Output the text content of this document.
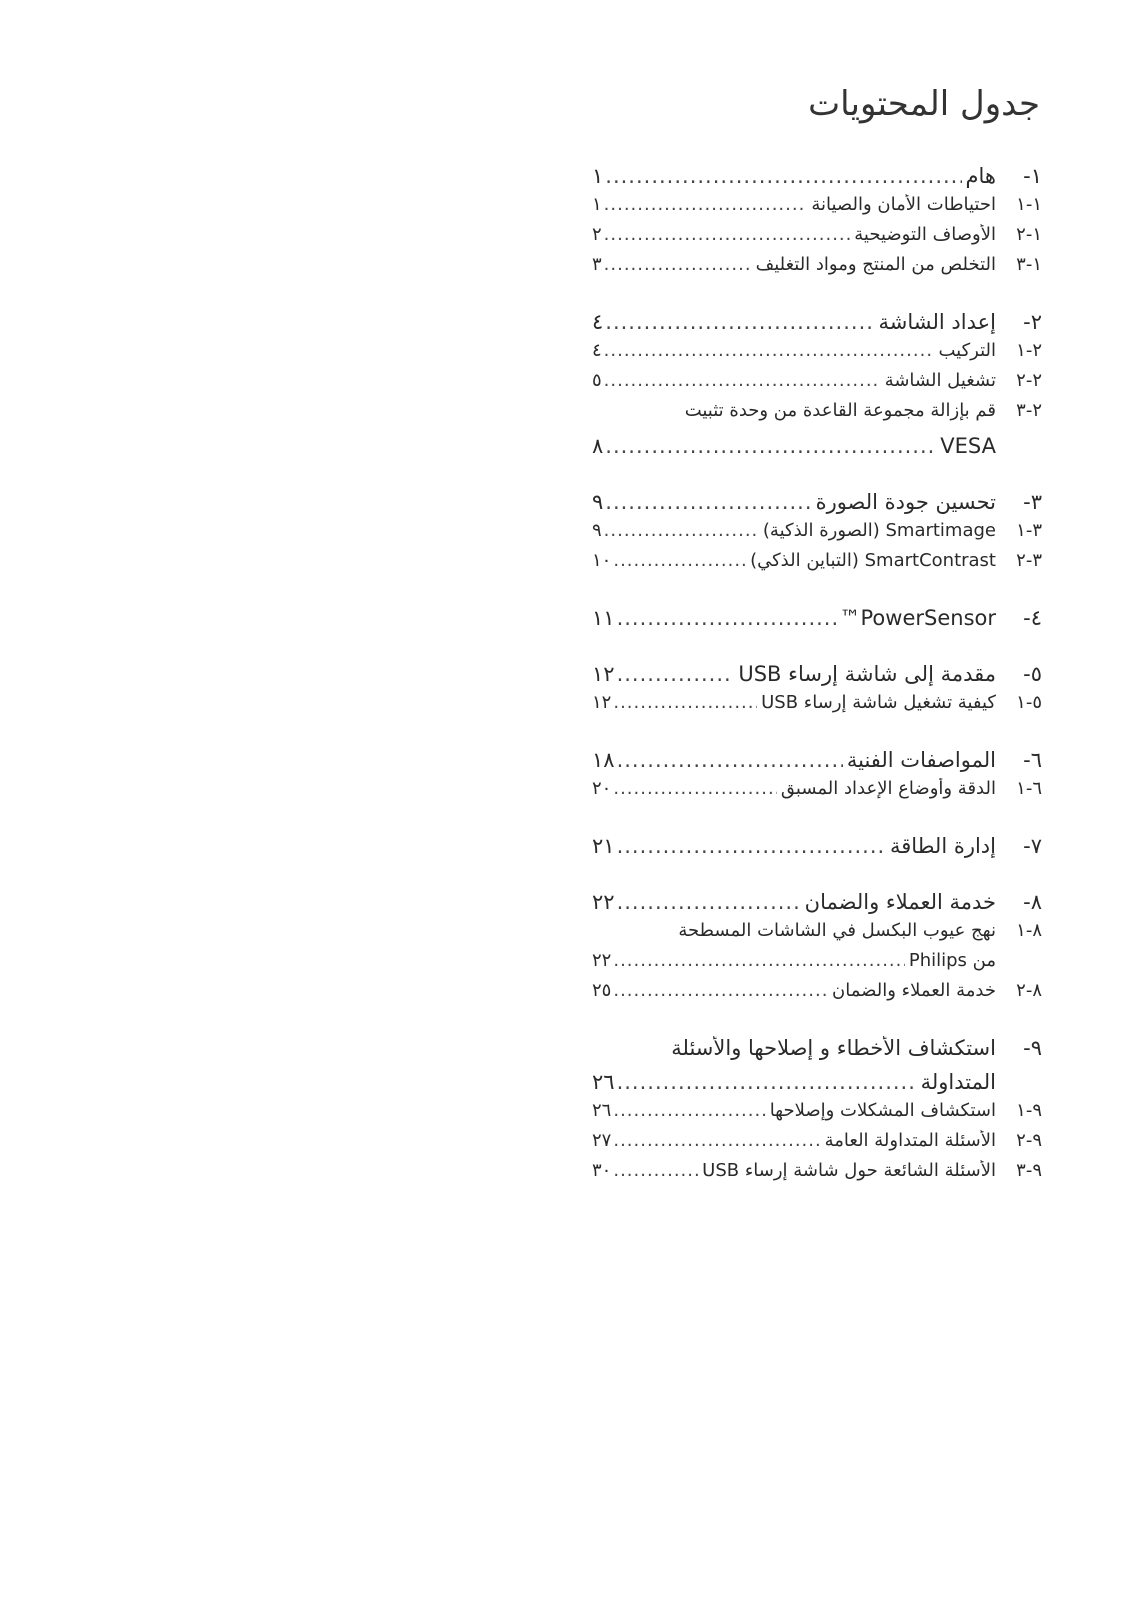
جدول المحتويات
١-
هام
.....
١
١-١
احتياطات الأمان والصيانة
.....
١
١-٢
الأوصاف التوضيحية
.....
٢
١-٣
التخلص من المنتج ومواد التغليف
.....
٣
٢-
إعداد الشاشة
.....
٤
٢-١
التركيب
.....
٤
٢-٢
تشغيل الشاشة
.....
٥
٢-٣
قم بإزالة مجموعة القاعدة من وحدة تثبيت
VESA
.....
٨
٣-
تحسين جودة الصورة
.....
٩
٣-١
Smartimage (الصورة الذكية)
.....
٩
٣-٢
SmartContrast (التباين الذكي)
.....
١٠
٤-
PowerSensor™
.....
١١
٥-
مقدمة إلى شاشة إرساء USB
.....
١٢
٥-١
كيفية تشغيل شاشة إرساء USB
.....
١٢
٦-
المواصفات الفنية
.....
١٨
٦-١
الدقة وأوضاع الإعداد المسبق
.....
٢٠
٧-
إدارة الطاقة
.....
٢١
٨-
خدمة العملاء والضمان
.....
٢٢
٨-١
نهج عيوب البكسل في الشاشات المسطحة
من Philips
.....
٢٢
٨-٢
خدمة العملاء والضمان
.....
٢٥
٩-
استكشاف الأخطاء و إصلاحها والأسئلة
المتداولة
.....
٢٦
٩-١
استكشاف المشكلات وإصلاحها
.....
٢٦
٩-٢
الأسئلة المتداولة العامة
.....
٢٧
٩-٣
الأسئلة الشائعة حول شاشة إرساء USB
.....
٣٠
